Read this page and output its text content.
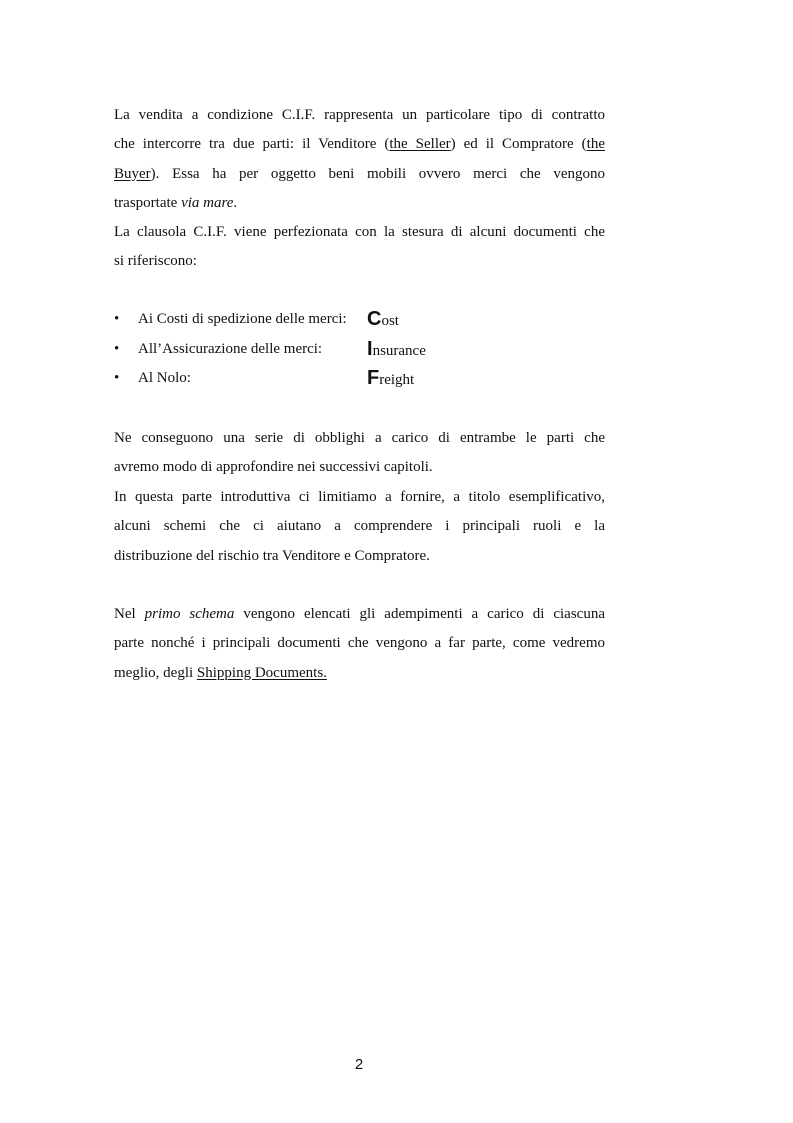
La vendita a condizione C.I.F. rappresenta un particolare tipo di contratto
che intercorre tra due parti: il Venditore (the Seller) ed il Compratore (the
Buyer). Essa ha per oggetto beni mobili ovvero merci che vengono
trasportate via mare.
La clausola C.I.F. viene perfezionata con la stesura di alcuni documenti che
si riferiscono:
• Ai Costi di spedizione delle merci: Cost
• All’Assicurazione delle merci: Insurance
• Al Nolo:	Freight
Ne conseguono una serie di obblighi a carico di entrambe le parti che
avremo modo di approfondire nei successivi capitoli.
In questa parte introduttiva ci limitiamo a fornire, a titolo esemplificativo,
alcuni schemi che ci aiutano a comprendere i principali ruoli e la
distribuzione del rischio tra Venditore e Compratore.
Nel primo schema vengono elencati gli adempimenti a carico di ciascuna
parte nonché i principali documenti che vengono a far parte, come vedremo
meglio, degli Shipping Documents.
2
